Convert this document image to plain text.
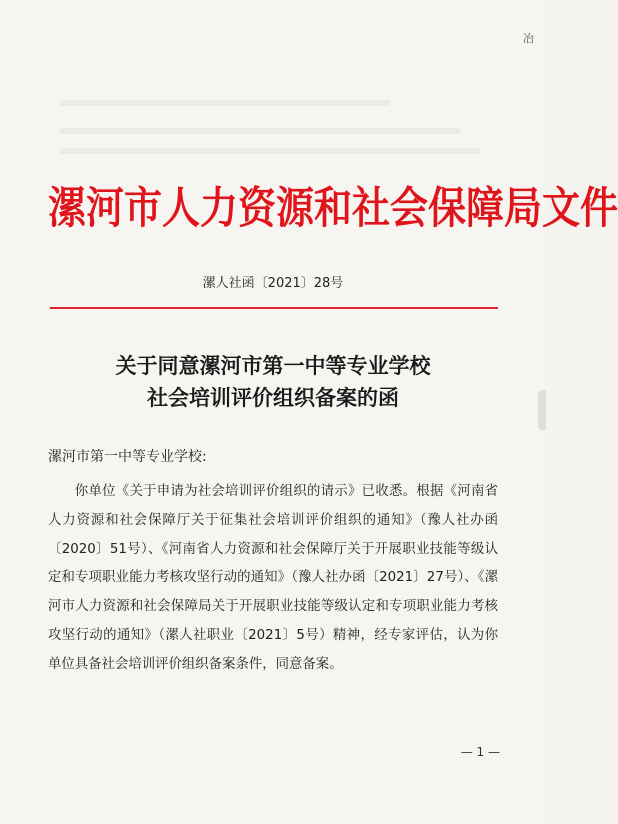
冶
漯河市人力资源和社会保障局文件
漯人社函〔2021〕28号
关于同意漯河市第一中等专业学校
社会培训评价组织备案的函
漯河市第一中等专业学校:

你单位《关于申请为社会培训评价组织的请示》已收悉。根据《河南省人力资源和社会保障厅关于征集社会培训评价组织的通知》（豫人社办函〔2020〕51号）、《河南省人力资源和社会保障厅关于开展职业技能等级认定和专项职业能力考核攻坚行动的通知》（豫人社办函〔2021〕27号）、《漯河市人力资源和社会保障局关于开展职业技能等级认定和专项职业能力考核攻坚行动的通知》（漯人社职业〔2021〕5号）精神，经专家评估，认为你单位具备社会培训评价组织备案条件，同意备案。

— 1 —
